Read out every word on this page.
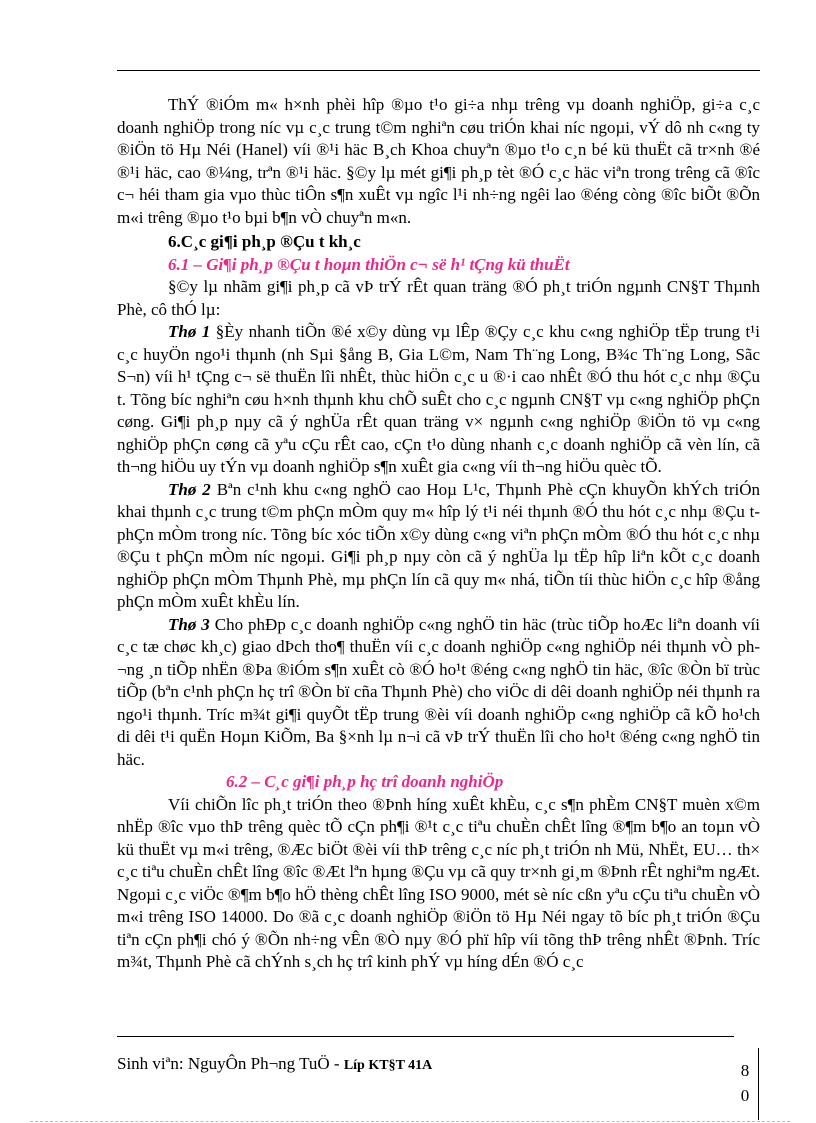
ThÝ ®iÓm m« h×nh phèi hîp ®µo t¹o gi÷a nhµ trêng vµ doanh nghiÖp, gi÷a c¸c doanh nghiÖp trong níc vµ c¸c trung t©m nghiªn cøu triÓn khai níc ngoµi, vÝ dô nh c«ng ty ®iÖn tö Hµ Néi (Hanel) víi ®¹i häc B¸ch Khoa chuyªn ®µo t¹o c¸n bé kü thuËt cã tr×nh ®é ®¹i häc, cao ®¼ng, trªn ®¹i häc. §©y lµ mét gi¶i ph¸p tèt ®Ó c¸c häc viªn trong trêng cã ®îc c¬ héi tham gia vµo thùc tiÔn s¶n xuÊt vµ ngîc l¹i nh÷ng ngêi lao ®éng còng ®îc biÕt ®Õn m«i trêng ®µo t¹o bµi b¶n vÒ chuyªn m«n.

6.C¸c gi¶i ph¸p ®Çu t kh¸c
6.1 – Gi¶i ph¸p ®Çu t hoµn thiÖn c¬ së h¹ tÇng kü thuËt

§©y lµ nhãm gi¶i ph¸p cã vÞ trÝ rÊt quan träng ®Ó ph¸t triÓn ngµnh CN§T Thµnh Phè, cô thÓ lµ:

Thø 1 §Èy nhanh tiÕn ®é x©y dùng vµ lÊp ®Çy c¸c khu c«ng nghiÖp tËp trung t¹i c¸c huyÖn ngo¹i thµnh (nh Sµi §ång B, Gia L©m, Nam Th¨ng Long, B¾c Th¨ng Long, Sãc S¬n) víi h¹ tÇng c¬ së thuËn lîi nhÊt, thùc hiÖn c¸c u ®·i cao nhÊt ®Ó thu hót c¸c nhµ ®Çu t. Tõng bíc nghiªn cøu h×nh thµnh khu chÕ suÊt cho c¸c ngµnh CN§T vµ c«ng nghiÖp phÇn cøng. Gi¶i ph¸p nµy cã ý nghÜa rÊt quan träng v× ngµnh c«ng nghiÖp ®iÖn tö vµ c«ng nghiÖp phÇn cøng cã yªu cÇu rÊt cao, cÇn t¹o dùng nhanh c¸c doanh nghiÖp cã vèn lín, cã th¬ng hiÖu uy tÝn vµ doanh nghiÖp s¶n xuÊt gia c«ng víi th¬ng hiÖu quèc tÕ.

Thø 2 Bªn c¹nh khu c«ng nghÖ cao Hoµ L¹c, Thµnh Phè cÇn khuyÕn khÝch triÓn khai thµnh c¸c trung t©m phÇn mÒm quy m« hîp lý t¹i néi thµnh ®Ó thu hót c¸c nhµ ®Çu t phÇn mÒm trong níc. Tõng bíc xóc tiÕn x©y dùng c«ng viªn phÇn mÒm ®Ó thu hót c¸c nhµ ®Çu t phÇn mÒm níc ngoµi. Gi¶i ph¸p nµy còn cã ý nghÜa lµ tËp hîp liªn kÕt c¸c doanh nghiÖp phÇn mÒm Thµnh Phè, mµ phÇn lín cã quy m« nhá, tiÕn tíi thùc hiÖn c¸c hîp ®ång phÇn mÒm xuÊt khÈu lín.

Thø 3 Cho phÐp c¸c doanh nghiÖp c«ng nghÖ tin häc (trùc tiÕp hoÆc liªn doanh víi c¸c tæ chøc kh¸c) giao dÞch tho¶ thuËn víi c¸c doanh nghiÖp c«ng nghiÖp néi thµnh vÒ ph¬ng ¸n tiÕp nhËn ®Þa ®iÓm s¶n xuÊt cò ®Ó ho¹t ®éng c«ng nghÖ tin häc, ®îc ®Òn bï trùc tiÕp (bªn c¹nh phÇn hç trî ®Òn bï cña Thµnh Phè) cho viÖc di dêi doanh nghiÖp néi thµnh ra ngo¹i thµnh. Tríc m¾t gi¶i quyÕt tËp trung ®èi víi doanh nghiÖp c«ng nghiÖp cã kÕ ho¹ch di dêi t¹i quËn Hoµn KiÕm, Ba §×nh lµ n¬i cã vÞ trÝ thuËn lîi cho ho¹t ®éng c«ng nghÖ tin häc.

6.2 – C¸c gi¶i ph¸p hç trî doanh nghiÖp

Víi chiÕn lîc ph¸t triÓn theo ®Þnh híng xuÊt khÈu, c¸c s¶n phÈm CN§T muèn x©m nhËp ®îc vµo thÞ trêng quèc tÕ cÇn ph¶i ®¹t c¸c tiªu chuÈn chÊt lîng ®¶m b¶o an toµn vÒ kü thuËt vµ m«i trêng, ®Æc biÖt ®èi víi thÞ trêng c¸c níc ph¸t triÓn nh Mü, NhËt, EU… th× c¸c tiªu chuÈn chÊt lîng ®îc ®Æt lªn hµng ®Çu vµ cã quy tr×nh gi¸m ®Þnh rÊt nghiªm ngÆt. Ngoµi c¸c viÖc ®¶m b¶o hÖ thèng chÊt lîng ISO 9000, mét sè níc cßn yªu cÇu tiªu chuÈn vÒ m«i trêng ISO 14000. Do ®ã c¸c doanh nghiÖp ®iÖn tö Hµ Néi ngay tõ bíc ph¸t triÓn ®Çu tiªn cÇn ph¶i chó ý ®Õn nh÷ng vÊn ®Ò nµy ®Ó phï hîp víi tõng thÞ trêng nhÊt ®Þnh. Tríc m¾t, Thµnh Phè cã chÝnh s¸ch hç trî kinh phÝ vµ híng dÉn ®Ó c¸c

Sinh viªn: NguyÔn Ph¬ng TuÖ - Líp KT§T 41A	8
0
